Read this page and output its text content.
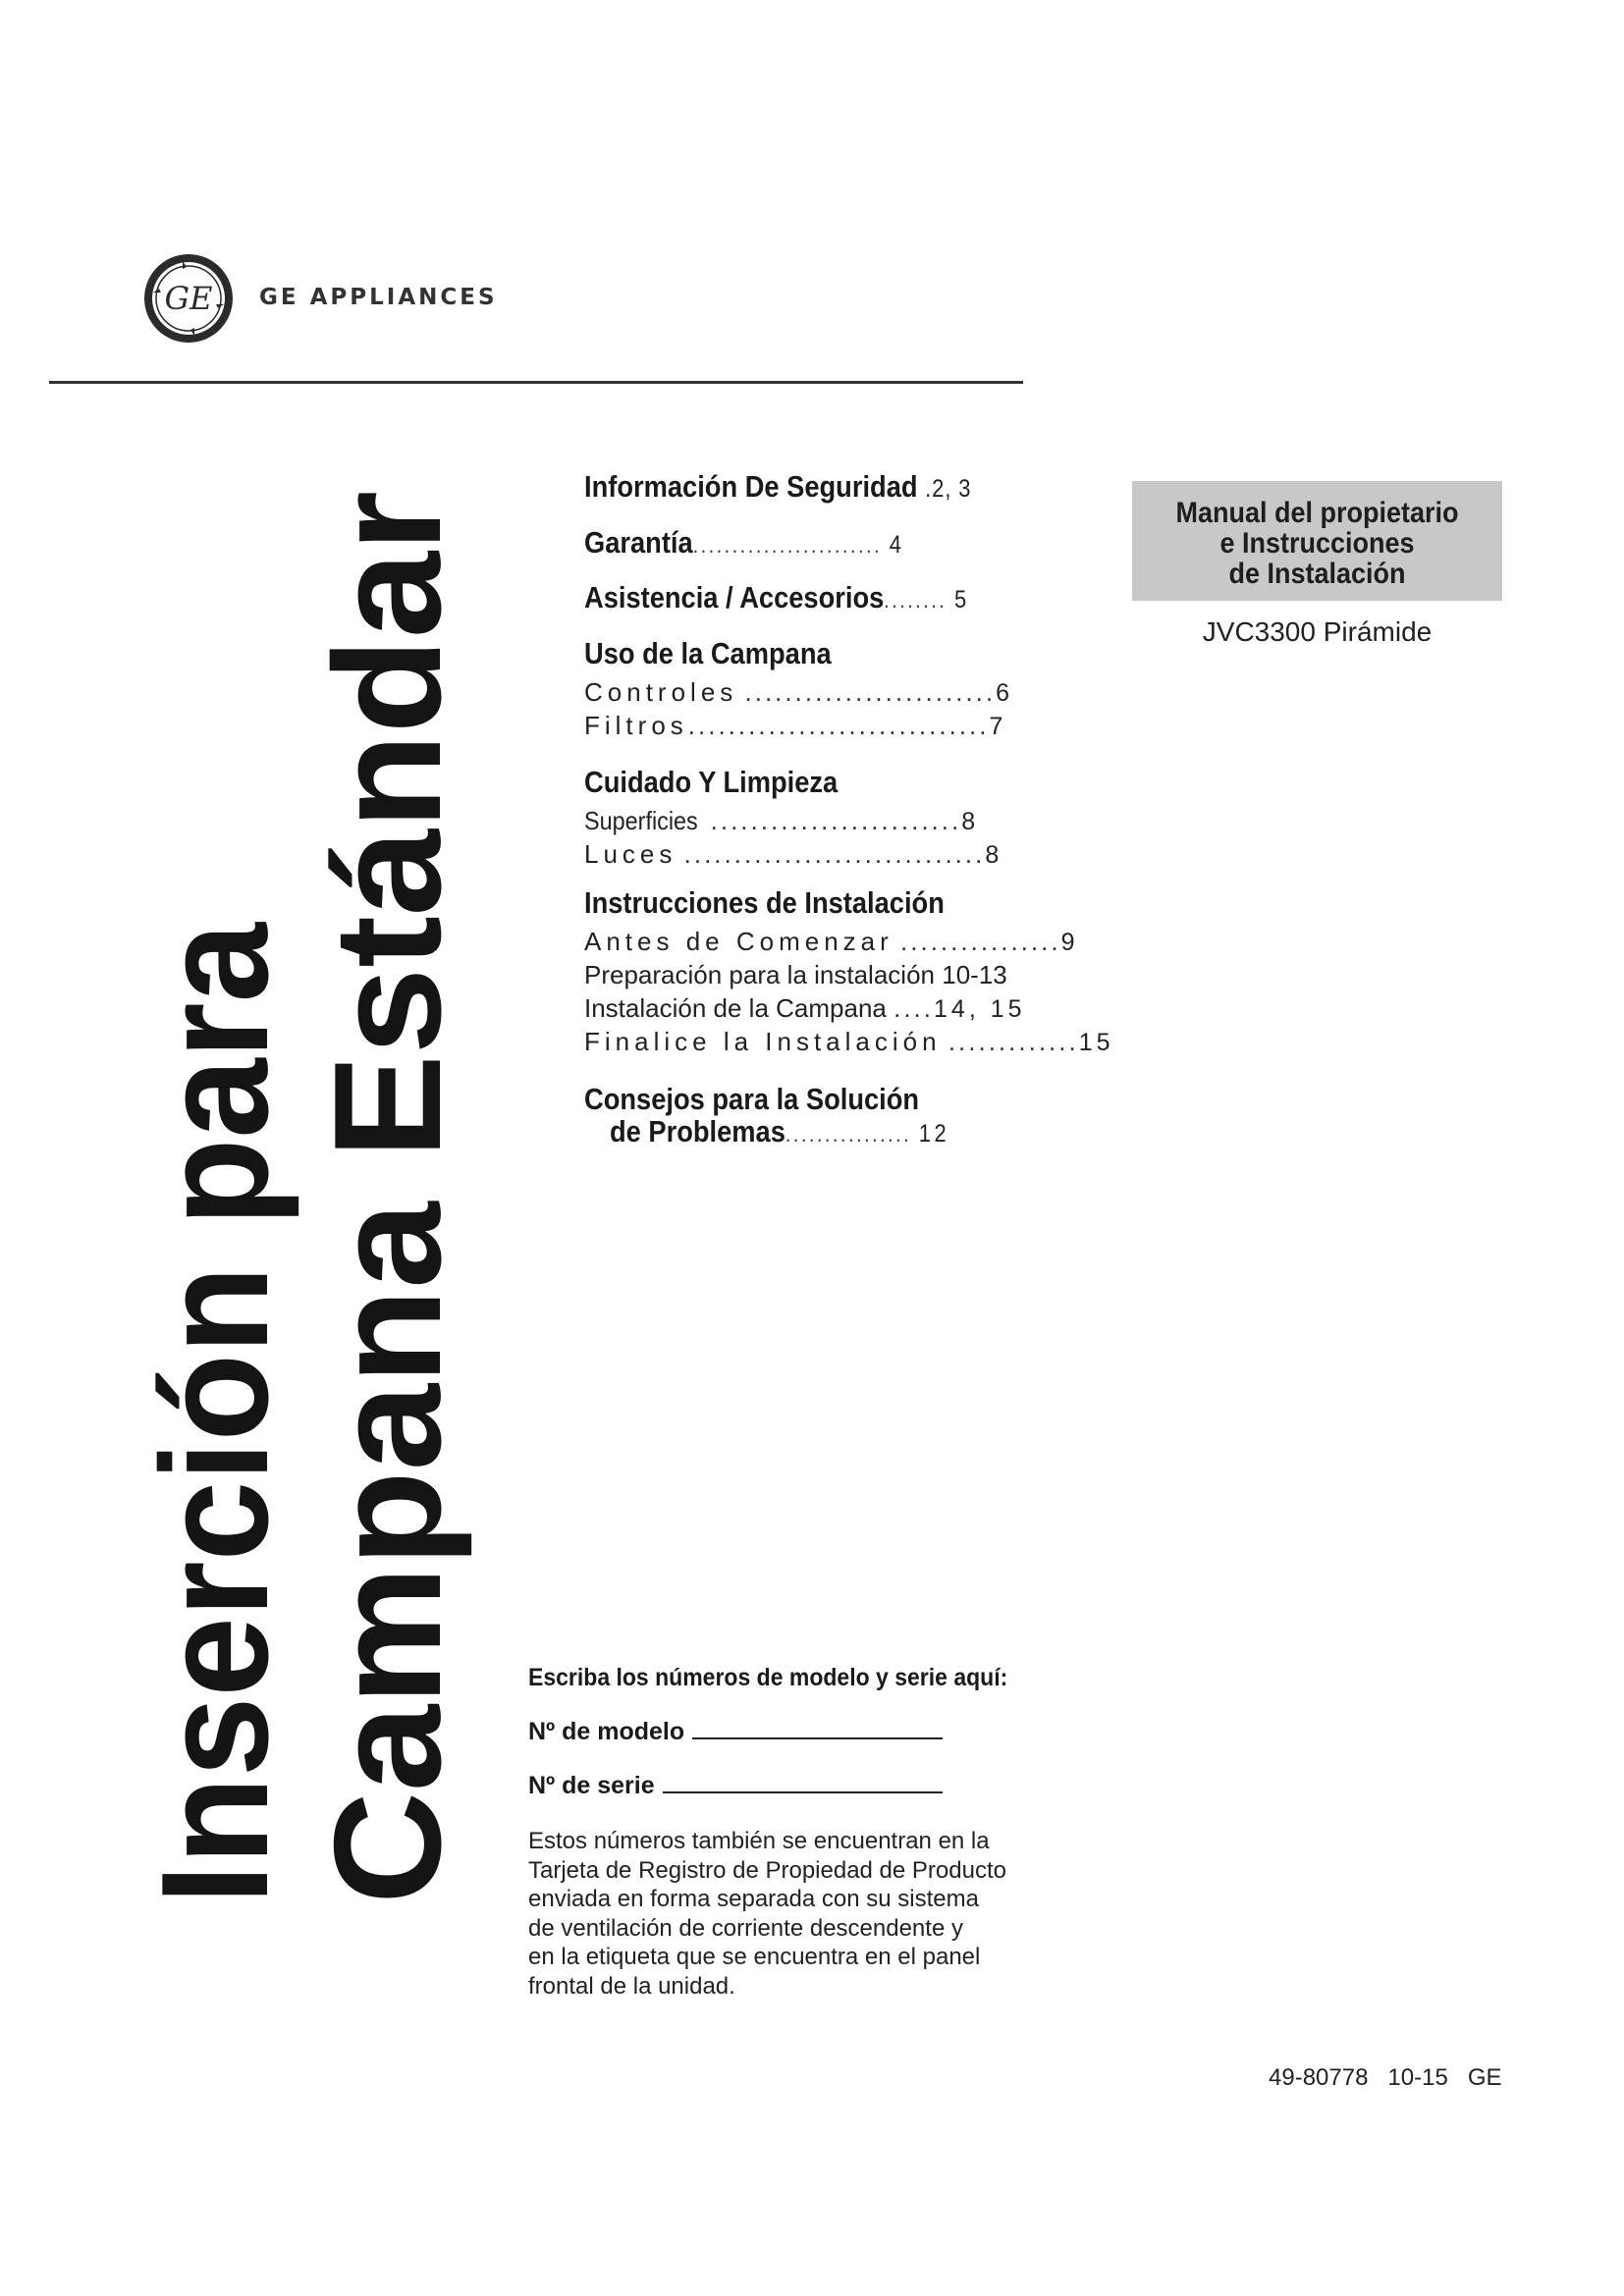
GE GE APPLIANCES
Inserción para Campana Estándar
Información De Seguridad .2, 3
Garantía........................ 4
Asistencia / Accesorios........ 5
Uso de la Campana
Controles .........................6
Filtros..............................7
Cuidado Y Limpieza
Superficies .........................8
Luces ..............................8
Instrucciones de Instalación
Antes de Comenzar ................9
Preparación para la instalación 10-13
Instalación de la Campana ....14, 15
Finalice la Instalación .............15
Consejos para la Solución
de Problemas................ 12
Manual del propietario
e Instrucciones
de Instalación
JVC3300 Pirámide
Escriba los números de modelo y serie aquí:
Nº de modelo
Nº de serie
Estos números también se encuentran en la
Tarjeta de Registro de Propiedad de Producto
enviada en forma separada con su sistema
de ventilación de corriente descendente y
en la etiqueta que se encuentra en el panel
frontal de la unidad.
49-80778   10-15   GE
